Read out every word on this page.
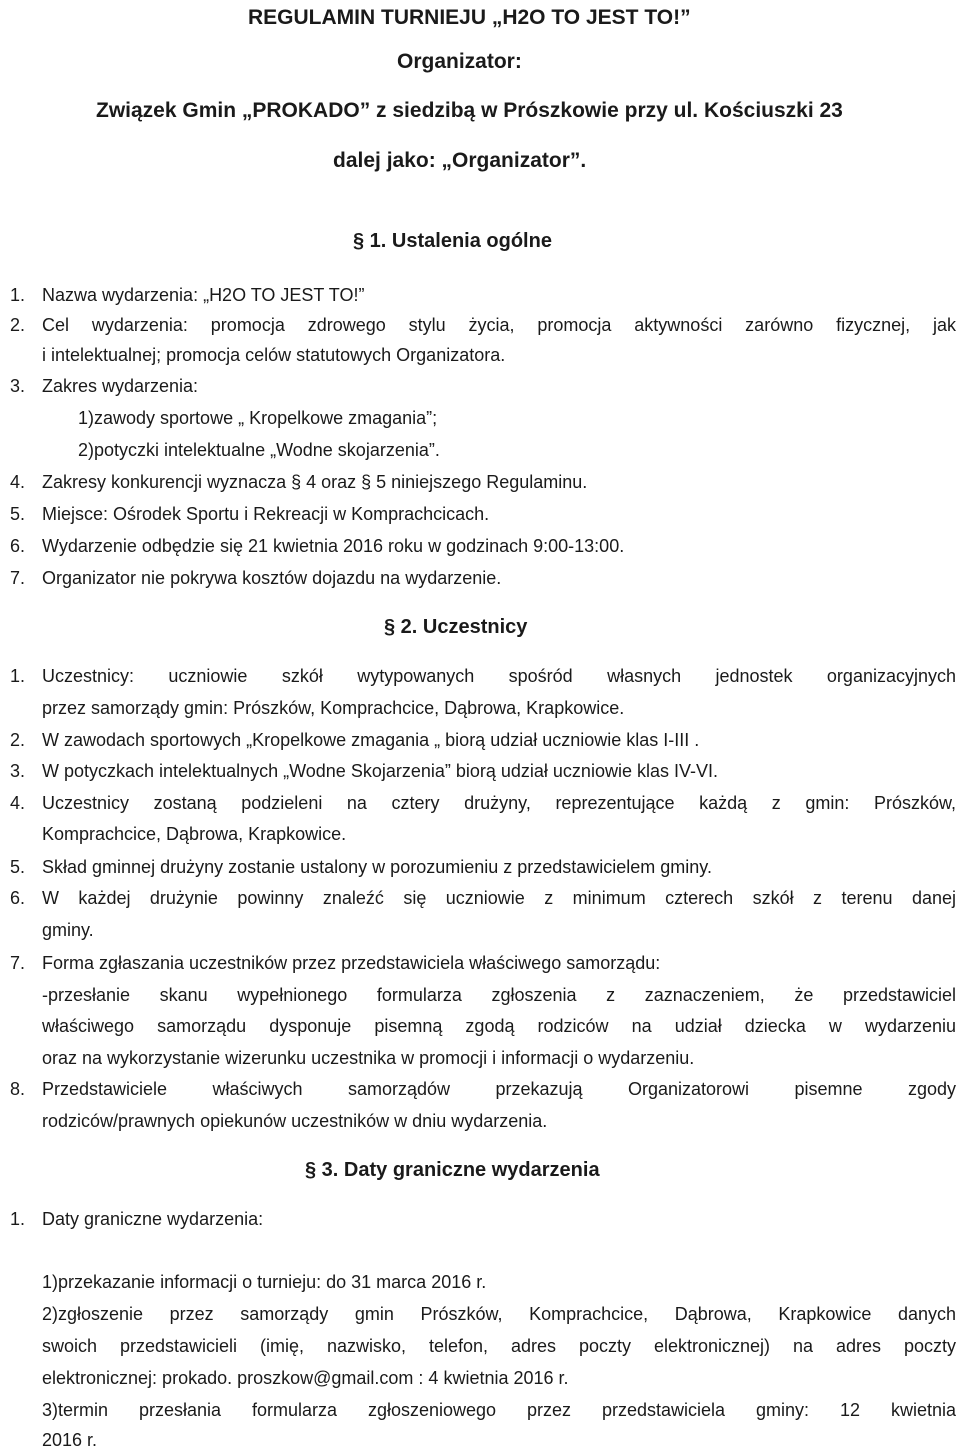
REGULAMIN TURNIEJU „H2O TO JEST TO!”
Organizator:
Związek Gmin „PROKADO” z siedzibą w Prószkowie przy ul. Kościuszki 23
dalej jako: „Organizator”.
§ 1. Ustalenia ogólne
1. Nazwa wydarzenia: „H2O TO JEST TO!”
2. Cel wydarzenia: promocja zdrowego stylu życia, promocja aktywności zarówno fizycznej, jak
i intelektualnej; promocja celów statutowych Organizatora.
3. Zakres wydarzenia:
1)zawody sportowe „ Kropelkowe zmagania”;
2)potyczki intelektualne „Wodne skojarzenia”.
4. Zakresy konkurencji wyznacza § 4 oraz § 5 niniejszego Regulaminu.
5. Miejsce: Ośrodek Sportu i Rekreacji w Komprachcicach.
6. Wydarzenie odbędzie się 21 kwietnia 2016 roku w godzinach 9:00-13:00.
7. Organizator nie pokrywa kosztów dojazdu na wydarzenie.
§ 2. Uczestnicy
1. Uczestnicy: uczniowie szkół wytypowanych spośród własnych jednostek organizacyjnych
przez samorządy gmin: Prószków, Komprachcice, Dąbrowa, Krapkowice.
2. W zawodach sportowych „Kropelkowe zmagania „ biorą udział uczniowie klas I-III .
3. W potyczkach intelektualnych „Wodne Skojarzenia” biorą udział uczniowie klas IV-VI.
4. Uczestnicy zostaną podzieleni na cztery drużyny, reprezentujące każdą z gmin: Prószków,
Komprachcice, Dąbrowa, Krapkowice.
5. Skład gminnej drużyny zostanie ustalony w porozumieniu z przedstawicielem gminy.
6. W każdej drużynie powinny znaleźć się uczniowie z minimum czterech szkół z terenu danej
gminy.
7. Forma zgłaszania uczestników przez przedstawiciela właściwego samorządu:
-przesłanie skanu wypełnionego formularza zgłoszenia z zaznaczeniem, że przedstawiciel
właściwego samorządu dysponuje pisemną zgodą rodziców na udział dziecka w wydarzeniu
oraz na wykorzystanie wizerunku uczestnika w promocji i informacji o wydarzeniu.
8. Przedstawiciele właściwych samorządów przekazują Organizatorowi pisemne zgody
rodziców/prawnych opiekunów uczestników w dniu wydarzenia.
§ 3. Daty graniczne wydarzenia
1. Daty graniczne wydarzenia:
1)przekazanie informacji o turnieju: do 31 marca 2016 r.
2)zgłoszenie przez samorządy gmin Prószków, Komprachcice, Dąbrowa, Krapkowice danych
swoich przedstawicieli (imię, nazwisko, telefon, adres poczty elektronicznej) na adres poczty
elektronicznej: prokado. proszkow@gmail.com : 4 kwietnia 2016 r.
3)termin przesłania formularza zgłoszeniowego przez przedstawiciela gminy: 12 kwietnia
2016 r.
